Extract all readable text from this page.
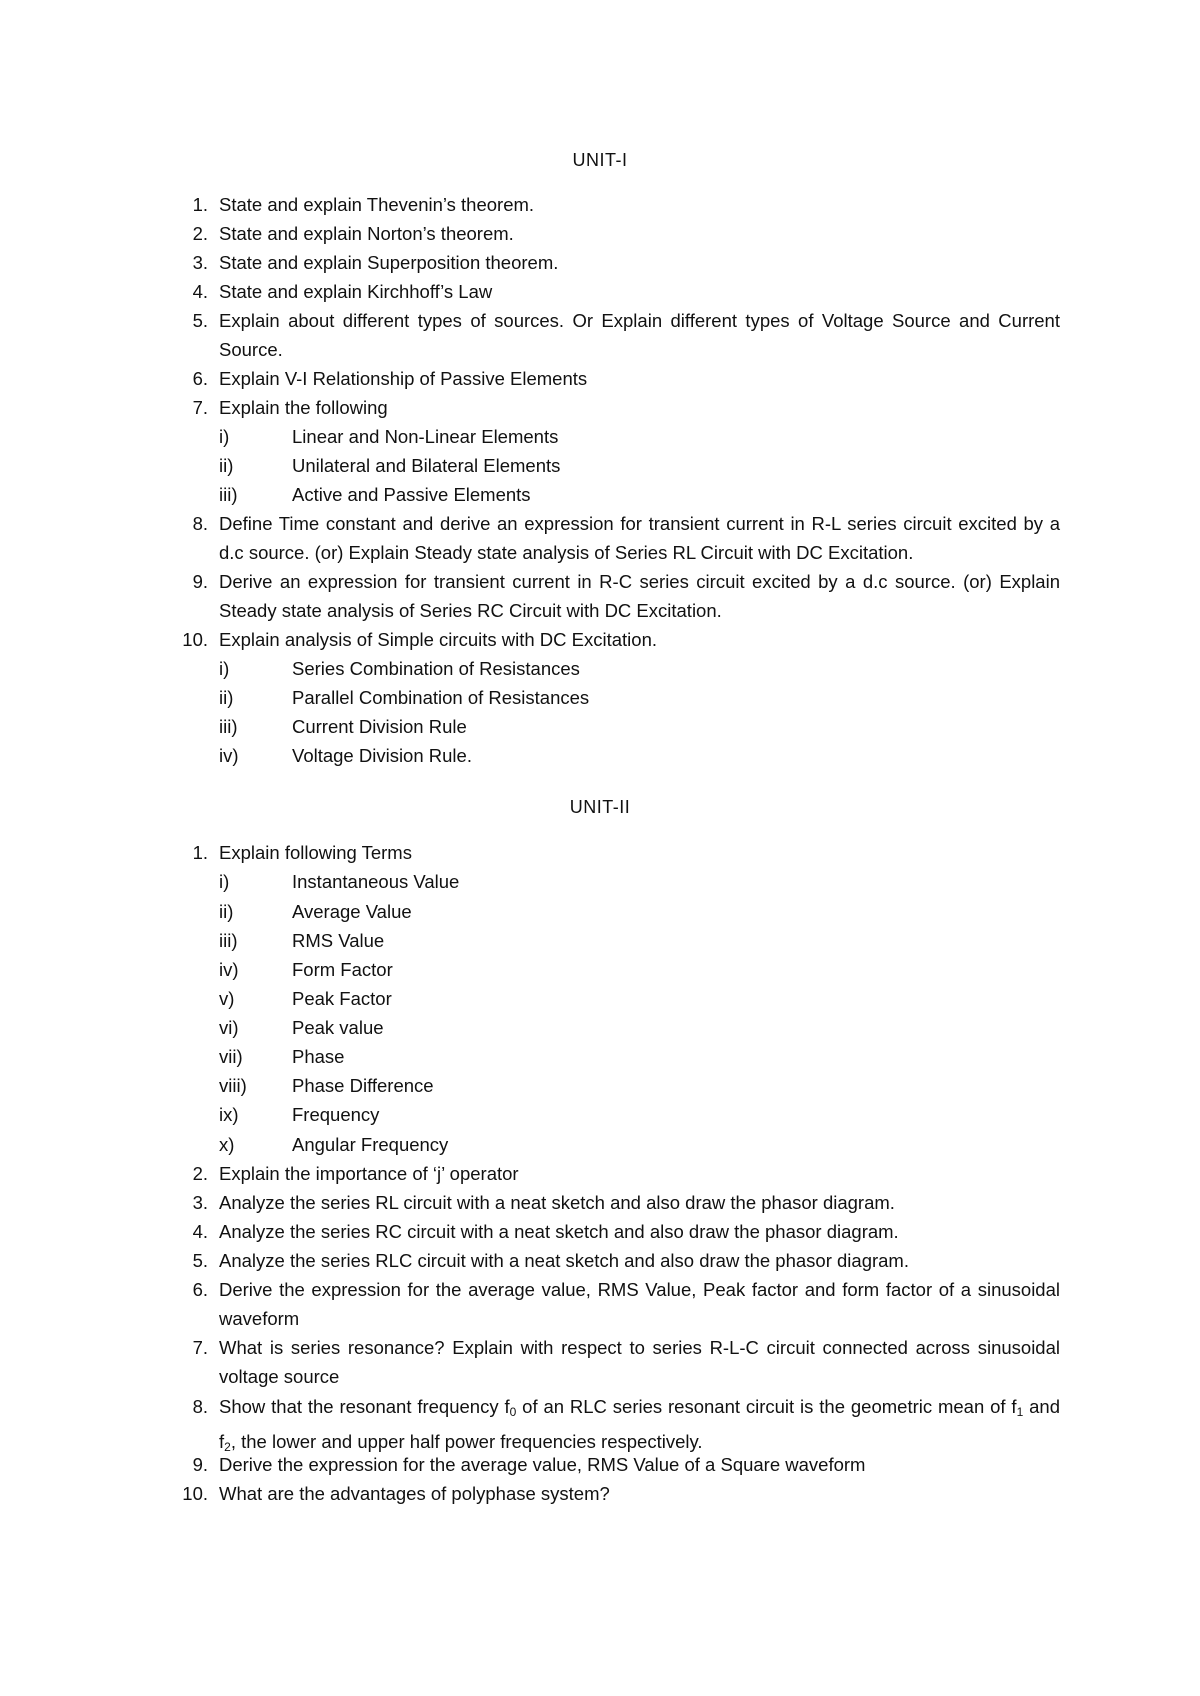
UNIT-I
1. State and explain Thevenin’s theorem.
2. State and explain Norton’s theorem.
3. State and explain Superposition theorem.
4. State and explain Kirchhoff’s Law
5. Explain about different types of sources. Or Explain different types of Voltage Source and Current Source.
6. Explain V-I Relationship of Passive Elements
7. Explain the following
i)	Linear and Non-Linear Elements
ii)	Unilateral and Bilateral Elements
iii)	Active and Passive Elements
8. Define Time constant and derive an expression for transient current in R-L series circuit excited by a d.c source. (or) Explain Steady state analysis of Series RL Circuit with DC Excitation.
9. Derive an expression for transient current in R-C series circuit excited by a d.c source. (or) Explain Steady state analysis of Series RC Circuit with DC Excitation.
10. Explain analysis of Simple circuits with DC Excitation.
i)	Series Combination of Resistances
ii)	Parallel Combination of Resistances
iii)	Current Division Rule
iv)	Voltage Division Rule.
UNIT-II
1. Explain following Terms
i)	Instantaneous Value
ii)	Average Value
iii)	RMS Value
iv)	Form Factor
v)	Peak Factor
vi)	Peak value
vii)	Phase
viii)	Phase Difference
ix)	Frequency
x)	Angular Frequency
2. Explain the importance of ‘j’ operator
3. Analyze the series RL circuit with a neat sketch and also draw the phasor diagram.
4. Analyze the series RC circuit with a neat sketch and also draw the phasor diagram.
5. Analyze the series RLC circuit with a neat sketch and also draw the phasor diagram.
6. Derive the expression for the average value, RMS Value, Peak factor and form factor of a sinusoidal waveform
7. What is series resonance? Explain with respect to series R-L-C circuit connected across sinusoidal voltage source
8. Show that the resonant frequency $f_0$ of an RLC series resonant circuit is the geometric mean of $f_1$ and $f_2$, the lower and upper half power frequencies respectively.
9. Derive the expression for the average value, RMS Value of a Square waveform
10. What are the advantages of polyphase system?
